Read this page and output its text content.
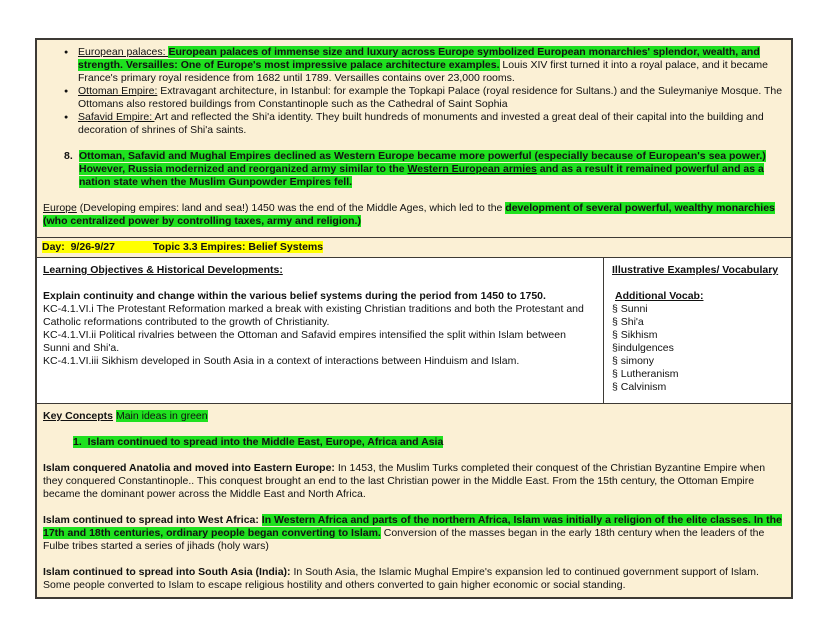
● European palaces: European palaces of immense size and luxury across Europe symbolized European monarchies' splendor, wealth, and strength. Versailles: One of Europe's most impressive palace architecture examples. Louis XIV first turned it into a royal palace, and it became France's primary royal residence from 1682 until 1789. Versailles contains over 23,000 rooms.
● Ottoman Empire: Extravagant architecture, in Istanbul: for example the Topkapi Palace (royal residence for Sultans.) and the Suleymaniye Mosque. The Ottomans also restored buildings from Constantinople such as the Cathedral of Saint Sophia
● Safavid Empire: Art and reflected the Shi'a identity. They built hundreds of monuments and invested a great deal of their capital into the building and decoration of shrines of Shi'a saints.
8. Ottoman, Safavid and Mughal Empires declined as Western Europe became more powerful (especially because of European's sea power.) However, Russia modernized and reorganized army similar to the Western European armies and as a result it remained powerful and as a nation state when the Muslim Gunpowder Empires fell.
Europe (Developing empires: land and sea!) 1450 was the end of the Middle Ages, which led to the development of several powerful, wealthy monarchies (who centralized power by controlling taxes, army and religion.)
Day:  9/26-9/27	Topic 3.3 Empires: Belief Systems
Learning Objectives & Historical Developments:
Explain continuity and change within the various belief systems during the period from 1450 to 1750.
KC-4.1.VI.i The Protestant Reformation marked a break with existing Christian traditions and both the Protestant and Catholic reformations contributed to the growth of Christianity.
KC-4.1.VI.ii Political rivalries between the Ottoman and Safavid empires intensified the split within Islam between Sunni and Shi'a.
KC-4.1.VI.iii Sikhism developed in South Asia in a context of interactions between Hinduism and Islam.
Illustrative Examples/ Vocabulary
Additional Vocab:
§ Sunni
§ Shi'a
§ Sikhism
§indulgences
§ simony
§ Lutheranism
§ Calvinism
Key Concepts Main ideas in green
1.  Islam continued to spread into the Middle East, Europe, Africa and Asia
Islam conquered Anatolia and moved into Eastern Europe: In 1453, the Muslim Turks completed their conquest of the Christian Byzantine Empire when they conquered Constantinople.. This conquest brought an end to the last Christian power in the Middle East. From the 15th century, the Ottoman Empire became the dominant power across the Middle East and North Africa.
Islam continued to spread into West Africa: In Western Africa and parts of the northern Africa, Islam was initially a religion of the elite classes. In the 17th and 18th centuries, ordinary people began converting to Islam. Conversion of the masses began in the early 18th century when the leaders of the Fulbe tribes started a series of jihads (holy wars)
Islam continued to spread into South Asia (India): In South Asia, the Islamic Mughal Empire's expansion led to continued government support of Islam. Some people converted to Islam to escape religious hostility and others converted to gain higher economic or social standing.
